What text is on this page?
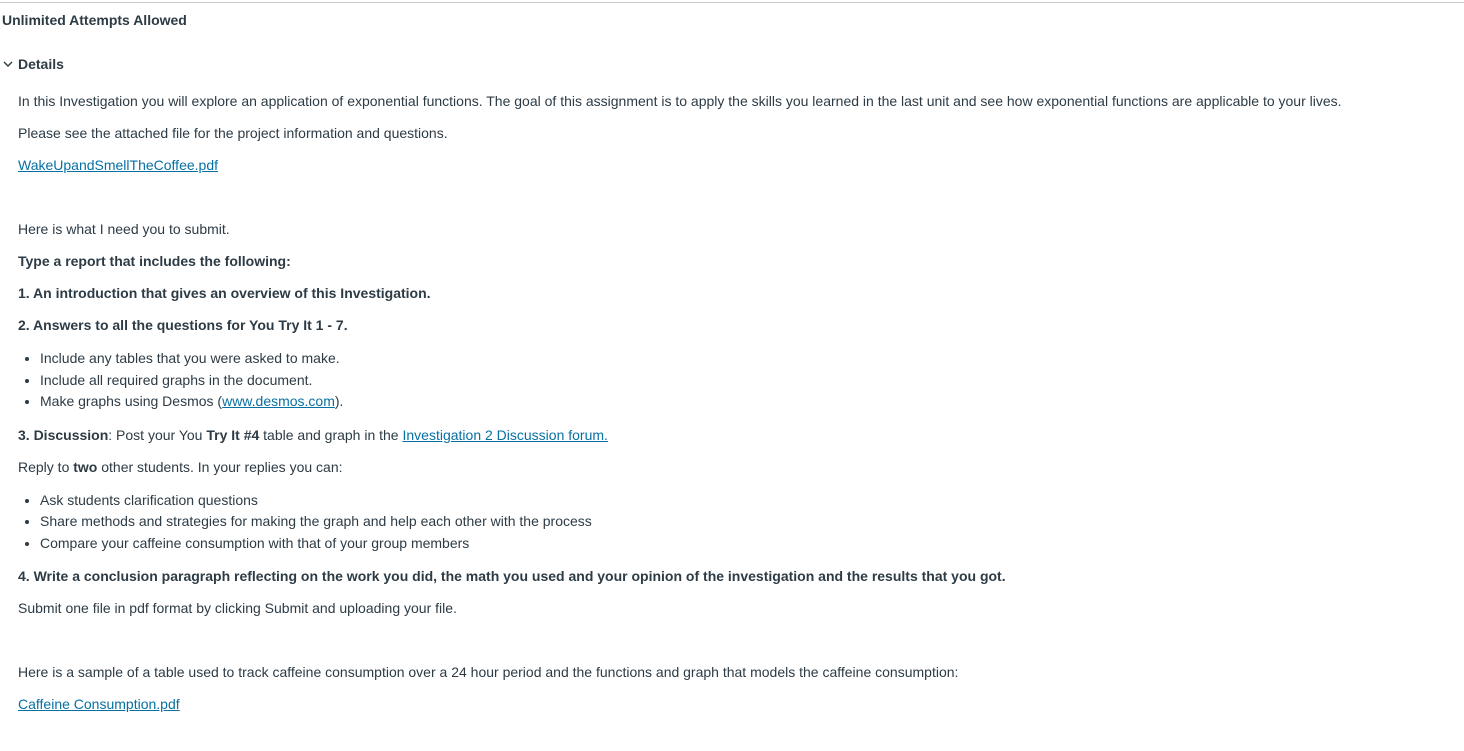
Unlimited Attempts Allowed
Details

In this Investigation you will explore an application of exponential functions. The goal of this assignment is to apply the skills you learned in the last unit and see how exponential functions are applicable to your lives.

Please see the attached file for the project information and questions.

WakeUpandSmellTheCoffee.pdf

Here is what I need you to submit.

Type a report that includes the following:

1. An introduction that gives an overview of this Investigation.

2. Answers to all the questions for You Try It 1 - 7.

• Include any tables that you were asked to make.
• Include all required graphs in the document.
• Make graphs using Desmos (www.desmos.com).

3. Discussion: Post your You Try It #4 table and graph in the Investigation 2 Discussion forum.

Reply to two other students. In your replies you can:

• Ask students clarification questions
• Share methods and strategies for making the graph and help each other with the process
• Compare your caffeine consumption with that of your group members

4. Write a conclusion paragraph reflecting on the work you did, the math you used and your opinion of the investigation and the results that you got.

Submit one file in pdf format by clicking Submit and uploading your file.

Here is a sample of a table used to track caffeine consumption over a 24 hour period and the functions and graph that models the caffeine consumption:

Caffeine Consumption.pdf
